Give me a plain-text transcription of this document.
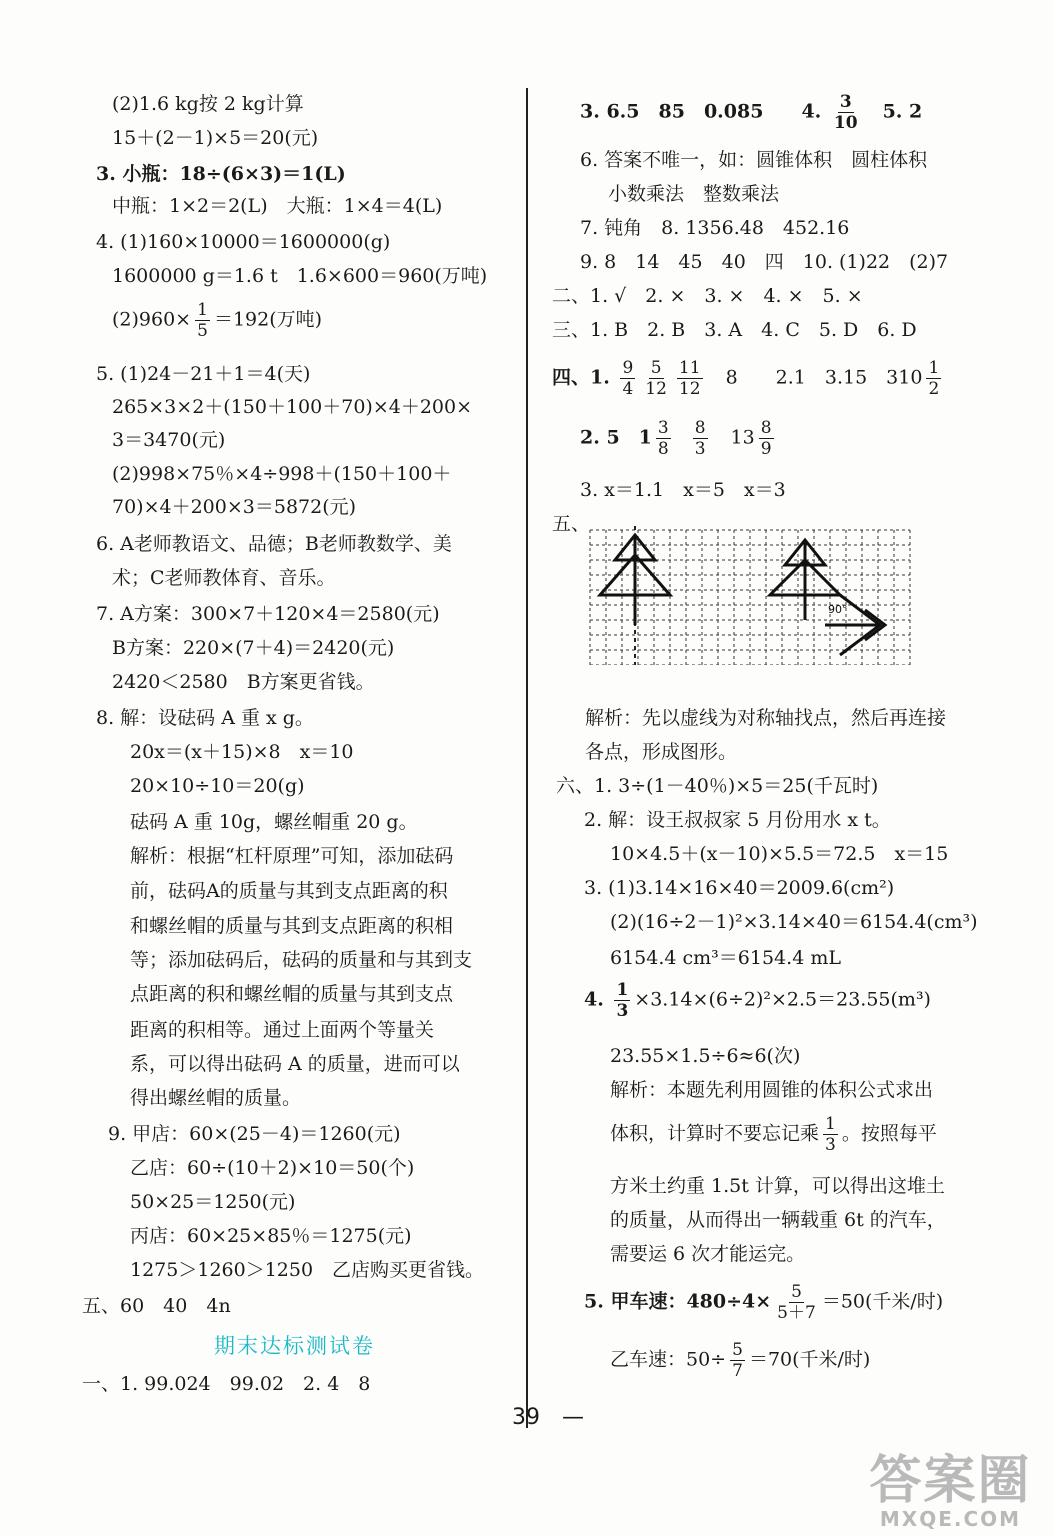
(2)1.6 kg按 2 kg计算
15＋(2－1)×5＝20(元)
3. 小瓶：18÷(6×3)＝1(L)
中瓶：1×2＝2(L)　大瓶：1×4＝4(L)
4. (1)160×10000＝1600000(g)
1600000 g＝1.6 t　1.6×600＝960(万吨)
5. (1)24－21＋1＝4(天)
265×3×2＋(150＋100＋70)×4＋200×
3＝3470(元)
(2)998×75％×4÷998＋(150＋100＋
70)×4＋200×3＝5872(元)
6. A老师教语文、品德；B老师教数学、美
术；C老师教体育、音乐。
7. A方案：300×7＋120×4＝2580(元)
B方案：220×(7＋4)＝2420(元)
2420＜2580　B方案更省钱。
8. 解：设砝码 A 重 x g。
20x＝(x＋15)×8　x＝10
20×10÷10＝20(g)
砝码 A 重 10g，螺丝帽重 20 g。
解析：根据“杠杆原理”可知，添加砝码
前，砝码A的质量与其到支点距离的积
和螺丝帽的质量与其到支点距离的积相
等；添加砝码后，砝码的质量和与其到支
点距离的积和螺丝帽的质量与其到支点
距离的积相等。通过上面两个等量关
系，可以得出砝码 A 的质量，进而可以
得出螺丝帽的质量。
9. 甲店：60×(25－4)＝1260(元)
乙店：60÷(10＋2)×10＝50(个)
50×25＝1250(元)
丙店：60×25×85％＝1275(元)
1275＞1260＞1250　乙店购买更省钱。
五、60　40　4n
一、1. 99.024　99.02　2. 4　8
6. 答案不唯一，如：圆锥体积　圆柱体积
小数乘法　整数乘法
7. 钝角　8. 1356.48　452.16
9. 8　14　45　40　四　10. (1)22　(2)7
二、1. √　2. ×　3. ×　4. ×　5. ×
三、1. B　2. B　3. A　4. C　5. D　6. D
3. x＝1.1　x＝5　x＝3
解析：先以虚线为对称轴找点，然后再连接
各点，形成图形。
六、1. 3÷(1－40％)×5＝25(千瓦时)
2. 解：设王叔叔家 5 月份用水 x t。
10×4.5＋(x－10)×5.5＝72.5　x＝15
3. (1)3.14×16×40＝2009.6(cm²)
(2)(16÷2－1)²×3.14×40＝6154.4(cm³)
6154.4 cm³＝6154.4 mL
23.55×1.5÷6≈6(次)
解析：本题先利用圆锥的体积公式求出
方米土约重 1.5t 计算，可以得出这堆土
的质量，从而得出一辆载重 6t 的汽车，
需要运 6 次才能运完。
$(2)960\times \frac{1}{5} =192$(万吨)
3. 6.5　85　0.085　　4. $\frac{3}{10}$ 　5. 2
四、1. $\frac{9}{4} \frac{5}{12} \frac{11}{12}$ 　8　　2.1　3.15　$310 \frac{1}{2}$
2. 5　$1 \frac{3}{8} \frac{8}{3}$ 　$13 \frac{8}{9}$
五、
90°
4. $\frac{1}{3} \times 3.14\times(6\div 2)^2\times 2.5=23.55(m^3)$
体积，计算时不要忘记乘 $\frac{1}{3}$ 。按照每平
5. 甲车速：$480\div 4\times \frac{5}{5+7} =50$(千米/时)
乙车速：$50\div \frac{5}{7} =70$(千米/时)
期末达标测试卷
39　—
答案圈
MXQE.COM
